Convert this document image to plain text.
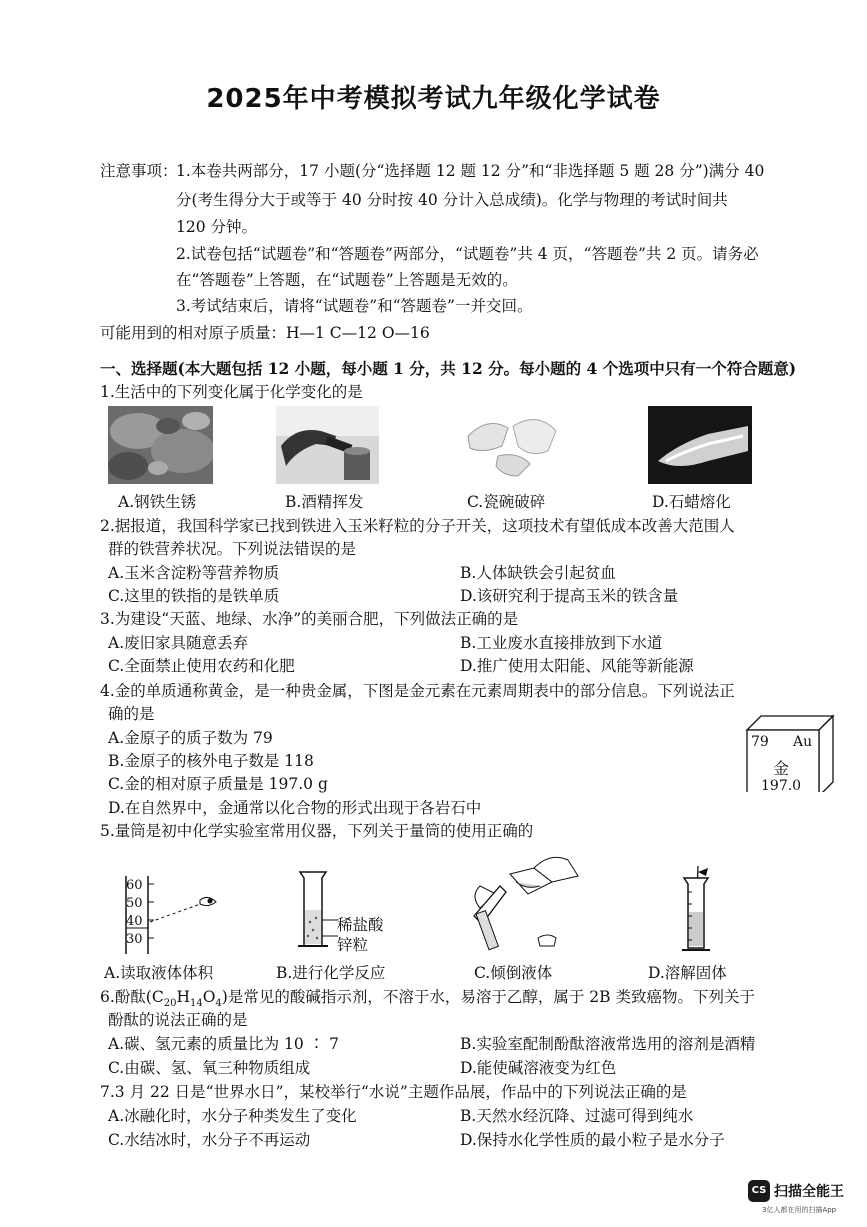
2025年中考模拟考试九年级化学试卷
注意事项：
1.本卷共两部分，17 小题(分“选择题 12 题 12 分”和“非选择题 5 题 28 分”)满分 40
分(考生得分大于或等于 40 分时按 40 分计入总成绩)。化学与物理的考试时间共
120 分钟。
2.试卷包括“试题卷”和“答题卷”两部分，“试题卷”共 4 页，“答题卷”共 2 页。请务必
在“答题卷”上答题，在“试题卷”上答题是无效的。
3.考试结束后，请将“试题卷”和“答题卷”一并交回。
可能用到的相对原子质量：H—1 C—12 O—16
一、选择题(本大题包括 12 小题，每小题 1 分，共 12 分。每小题的 4 个选项中只有一个符合题意)
1.生活中的下列变化属于化学变化的是
A.钢铁生锈	B.酒精挥发	C.瓷碗破碎	D.石蜡熔化
2.据报道，我国科学家已找到铁进入玉米籽粒的分子开关，这项技术有望低成本改善大范围人
群的铁营养状况。下列说法错误的是
A.玉米含淀粉等营养物质	B.人体缺铁会引起贫血
C.这里的铁指的是铁单质	D.该研究利于提高玉米的铁含量
3.为建设“天蓝、地绿、水净”的美丽合肥，下列做法正确的是
A.废旧家具随意丢弃	B.工业废水直接排放到下水道
C.全面禁止使用农药和化肥	D.推广使用太阳能、风能等新能源
4.金的单质通称黄金，是一种贵金属，下图是金元素在元素周期表中的部分信息。下列说法正
确的是
A.金原子的质子数为 79
B.金原子的核外电子数是 118
C.金的相对原子质量是 197.0 g
D.在自然界中，金通常以化合物的形式出现于各岩石中
79 Au
金
197.0
5.量筒是初中化学实验室常用仪器，下列关于量筒的使用正确的
60
50
40
30
稀盐酸
锌粒
A.读取液体体积	B.进行化学反应	C.倾倒液体	D.溶解固体
6.酚酞$(C_{20}H_{14}O_4)$是常见的酸碱指示剂，不溶于水，易溶于乙醇，属于 2B 类致癌物。下列关于
酚酞的说法正确的是
A.碳、氢元素的质量比为 10 ∶ 7	B.实验室配制酚酞溶液常选用的溶剂是酒精
C.由碳、氢、氧三种物质组成	D.能使碱溶液变为红色
7.3 月 22 日是“世界水日”，某校举行“水说”主题作品展，作品中的下列说法正确的是
A.冰融化时，水分子种类发生了变化	B.天然水经沉降、过滤可得到纯水
C.水结冰时，水分子不再运动	D.保持水化学性质的最小粒子是水分子
CS 扫描全能王
3亿人都在用的扫描App
